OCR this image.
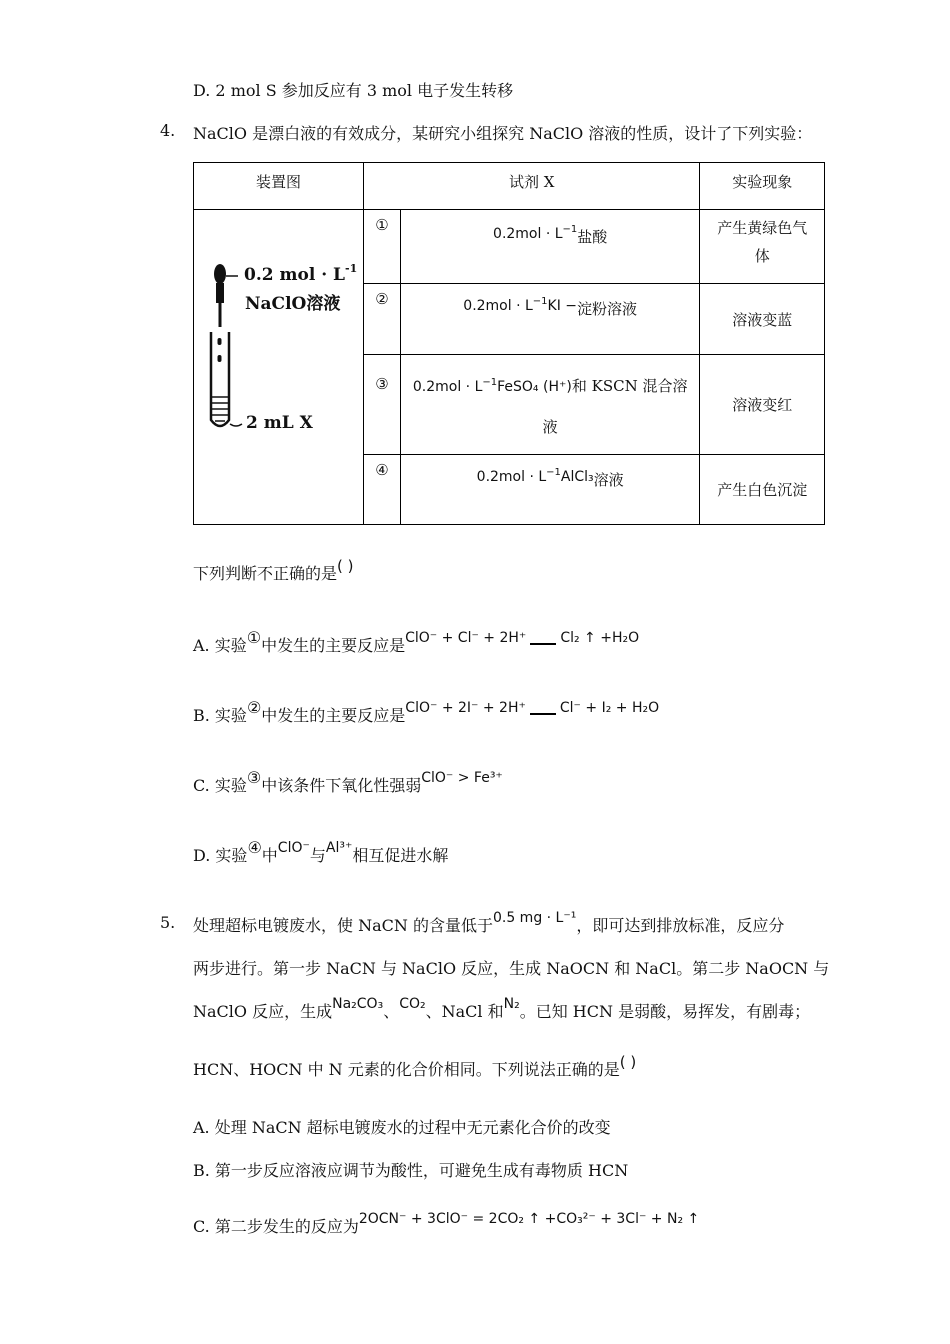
D. 2 mol S 参加反应有 3 mol 电子发生转移
4. NaClO 是漂白液的有效成分，某研究小组探究 NaClO 溶液的性质，设计了下列实验：
装置图	试剂 X		实验现象

0.2 mol · $L^{-1}$
NaClO溶液
2 mL X	①	$0.2mol \cdot L^{-1}$盐酸	产生黄绿色气体
	②	$0.2mol \cdot L^{-1}KI$ −淀粉溶液	溶液变蓝
	③	$0.2mol \cdot L^{-1}FeSO_4$ (H⁺)和 KSCN 混合溶
液	溶液变红
	④	$0.2mol \cdot L^{-1}AlCl_3$溶液	产生白色沉淀
下列判断不正确的是( )
A. 实验①中发生的主要反应是ClO⁻ + Cl⁻ + 2H⁺ Cl₂ ↑ +H₂O
B. 实验②中发生的主要反应是ClO⁻ + 2I⁻ + 2H⁺ Cl⁻ + I₂ + H₂O
C. 实验③中该条件下氧化性强弱ClO⁻ > Fe³⁺
D. 实验④中ClO⁻与Al³⁺相互促进水解
5. 处理超标电镀废水，使 NaCN 的含量低于0.5 mg · L⁻¹，即可达到排放标准，反应分
两步进行。第一步 NaCN 与 NaClO 反应，生成 NaOCN 和 NaCl。第二步 NaOCN 与
NaClO 反应，生成Na₂CO₃、CO₂、NaCl 和N₂。已知 HCN 是弱酸，易挥发，有剧毒；
HCN、HOCN 中 N 元素的化合价相同。下列说法正确的是( )
A. 处理 NaCN 超标电镀废水的过程中无元素化合价的改变
B. 第一步反应溶液应调节为酸性，可避免生成有毒物质 HCN
C. 第二步发生的反应为2OCN⁻ + 3ClO⁻ = 2CO₂ ↑ +CO₃²⁻ + 3Cl⁻ + N₂ ↑
